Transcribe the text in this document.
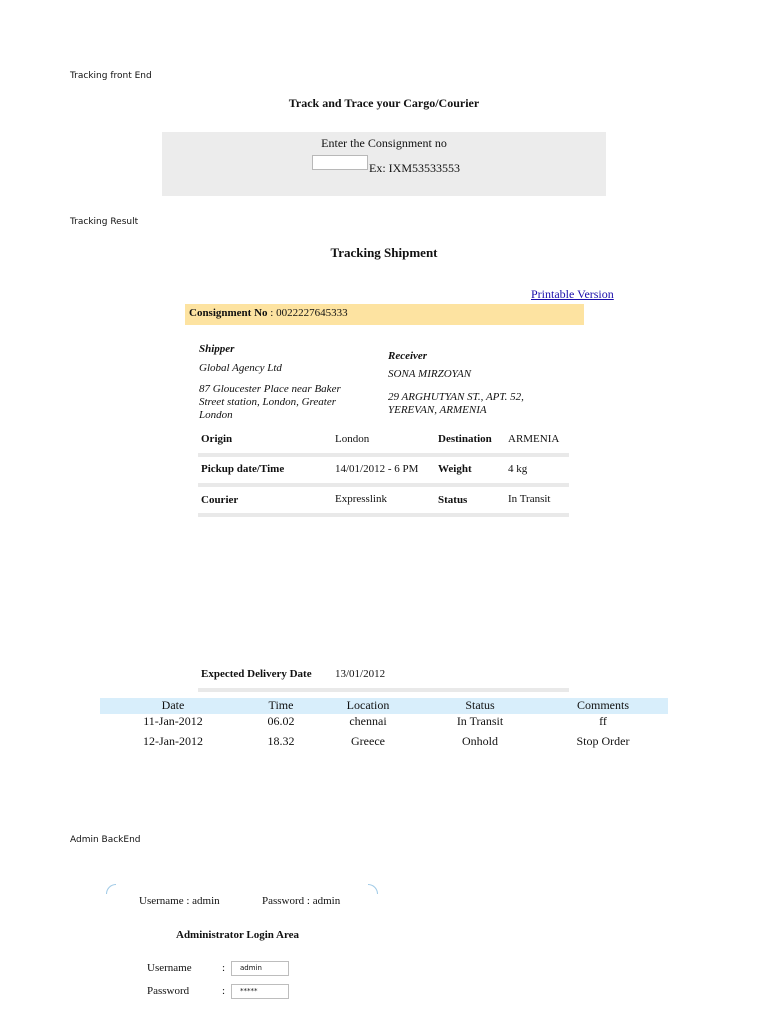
Tracking front End
Track and Trace your Cargo/Courier
Enter the Consignment no
Ex: IXM53533553
Tracking Result
Tracking Shipment
Printable Version
Consignment No : 0022227645333
Shipper
Global Agency Ltd
87 Gloucester Place near Baker Street station, London, Greater London
Receiver
SONA MIRZOYAN
29 ARGHUTYAN ST., APT. 52, YEREVAN, ARMENIA
Origin	London	Destination ARMENIA
Pickup date/Time	14/01/2012 - 6 PM Weight	4 kg
Courier	Expresslink	Status	In Transit
Expected Delivery Date 13/01/2012
Date	Time	Location	Status	Comments
11-Jan-2012	06.02	chennai	In Transit	ff
12-Jan-2012	18.32	Greece	Onhold	Stop Order
Admin BackEnd
Username : admin	Password : admin
Administrator Login Area
Username	:	admin
Password	:	*****
